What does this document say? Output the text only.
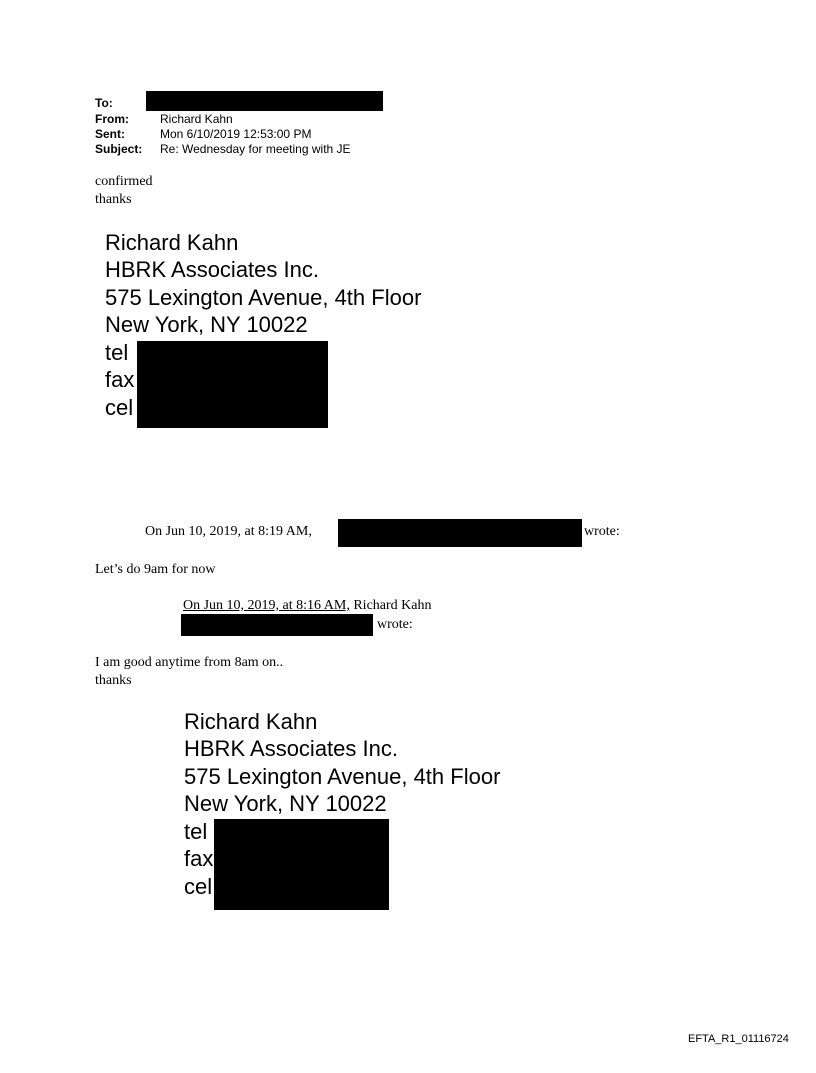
To:
From:	Richard Kahn
Sent:	Mon 6/10/2019 12:53:00 PM
Subject: Re: Wednesday for meeting with JE
confirmed
thanks
Richard Kahn
HBRK Associates Inc.
575 Lexington Avenue, 4th Floor
New York, NY 10022
tel
fax
cel
On Jun 10, 2019, at 8:19 AM,	wrote:
Let’s do 9am for now
On Jun 10, 2019, at 8:16 AM, Richard Kahn
wrote:
I am good anytime from 8am on..
thanks
Richard Kahn
HBRK Associates Inc.
575 Lexington Avenue, 4th Floor
New York, NY 10022
tel
fax
cel
EFTA_R1_01116724
